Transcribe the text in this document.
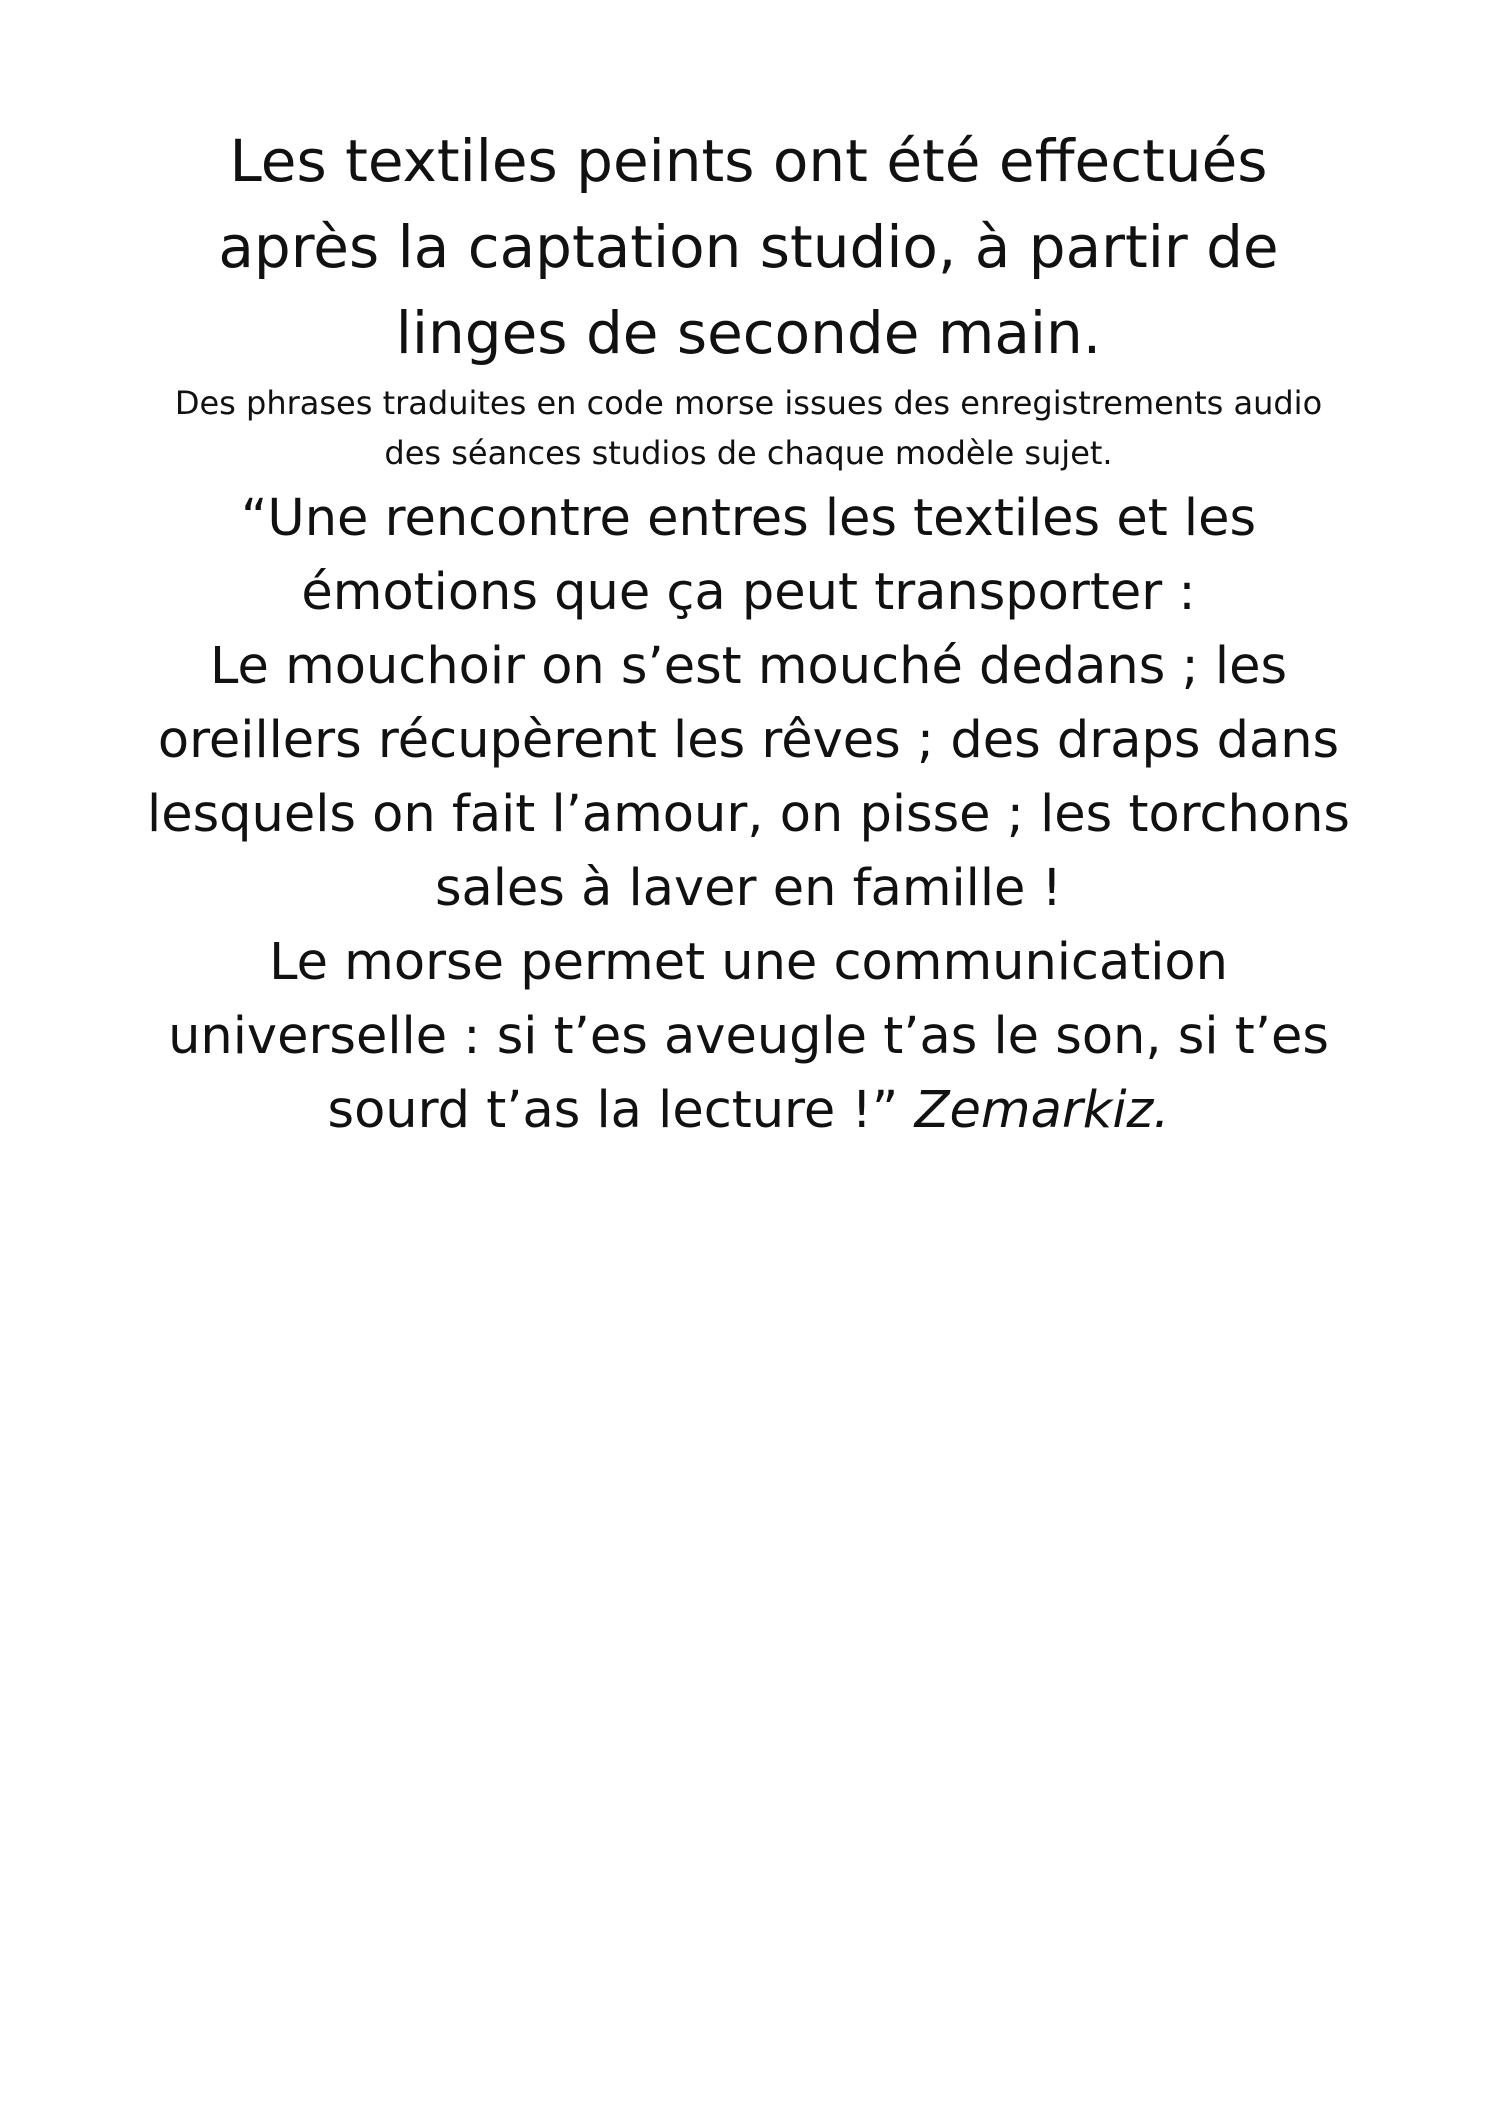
Les textiles peints ont été effectués
après la captation studio, à partir de
linges de seconde main.

Des phrases traduites en code morse issues des enregistrements audio
des séances studios de chaque modèle sujet.

“Une rencontre entres les textiles et les
émotions que ça peut transporter :
Le mouchoir on s’est mouché dedans ; les
oreillers récupèrent les rêves ; des draps dans
lesquels on fait l’amour, on pisse ; les torchons
sales à laver en famille !
Le morse permet une communication
universelle : si t’es aveugle t’as le son, si t’es
sourd t’as la lecture !” Zemarkiz.
